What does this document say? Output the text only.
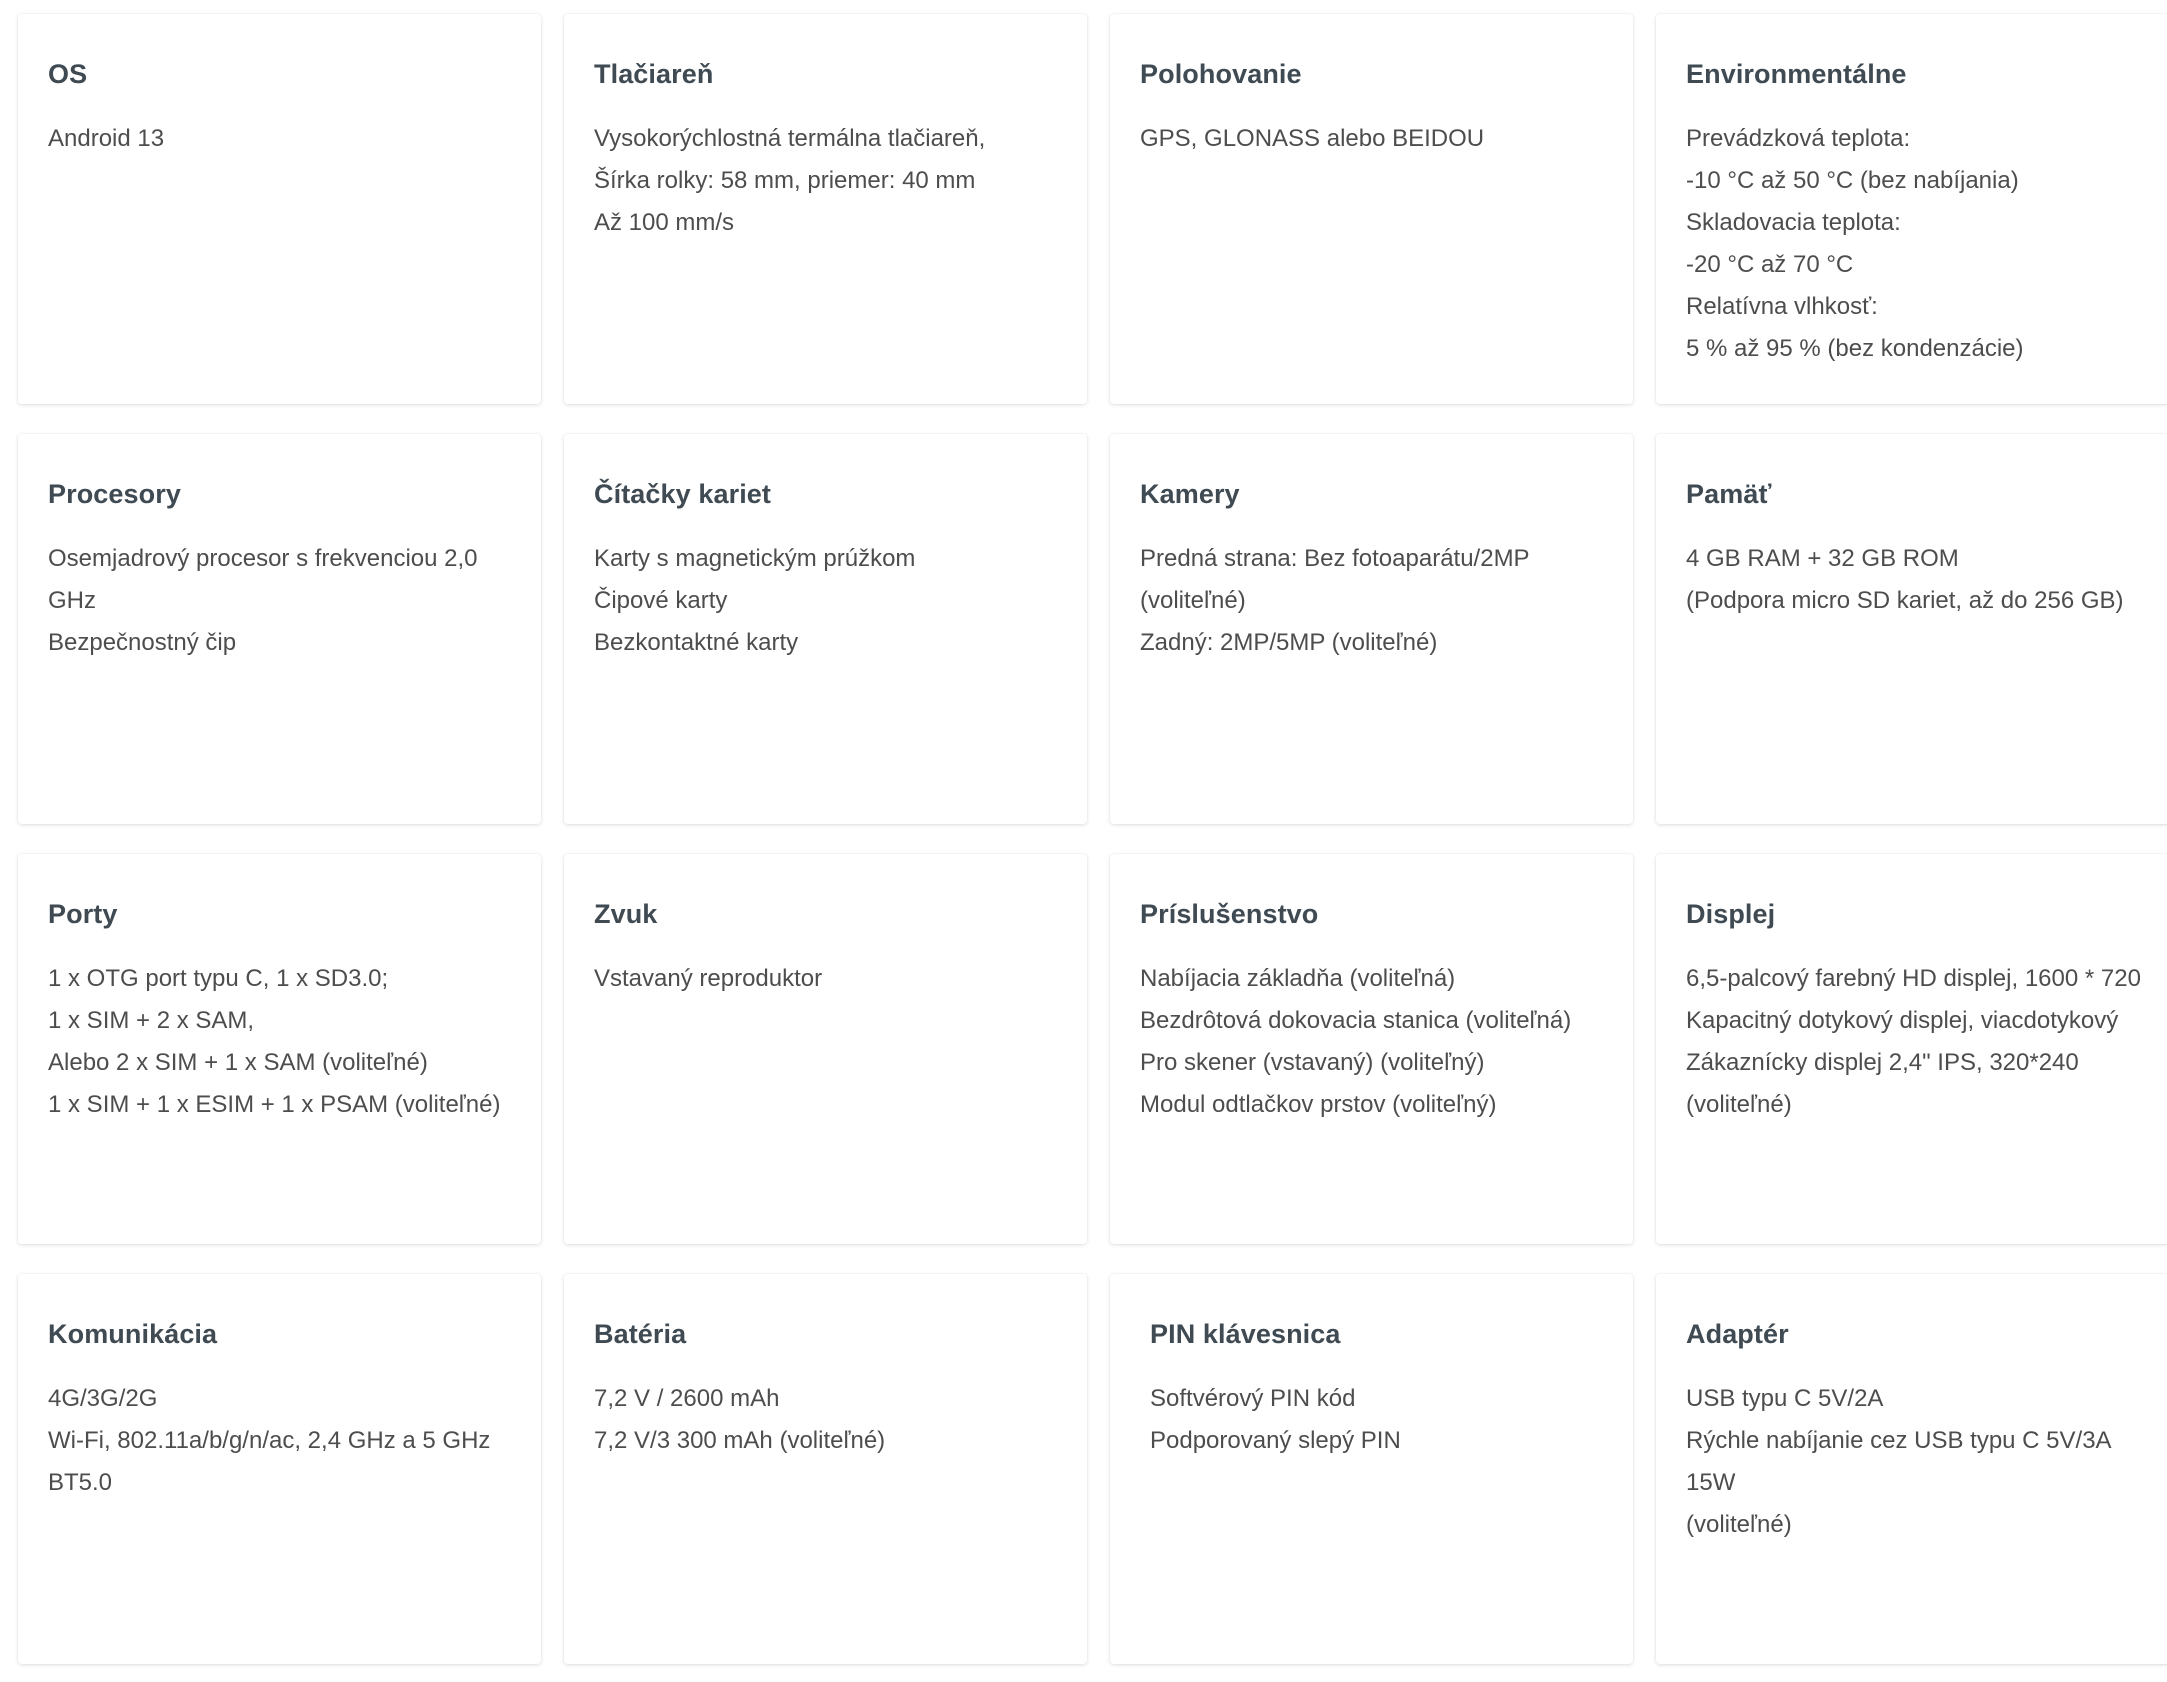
OS
Android 13
Tlačiareň
Vysokorýchlostná termálna tlačiareň,
Šírka rolky: 58 mm, priemer: 40 mm
Až 100 mm/s
Polohovanie
GPS, GLONASS alebo BEIDOU
Environmentálne
Prevádzková teplota:
-10 °C až 50 °C (bez nabíjania)
Skladovacia teplota:
-20 °C až 70 °C
Relatívna vlhkosť:
5 % až 95 % (bez kondenzácie)
Procesory
Osemjadrový procesor s frekvenciou 2,0
GHz
Bezpečnostný čip
Čítačky kariet
Karty s magnetickým prúžkom
Čipové karty
Bezkontaktné karty
Kamery
Predná strana: Bez fotoaparátu/2MP
(voliteľné)
Zadný: 2MP/5MP (voliteľné)
Pamäť
4 GB RAM + 32 GB ROM
(Podpora micro SD kariet, až do 256 GB)
Porty
1 x OTG port typu C, 1 x SD3.0;
1 x SIM + 2 x SAM,
Alebo 2 x SIM + 1 x SAM (voliteľné)
1 x SIM + 1 x ESIM + 1 x PSAM (voliteľné)
Zvuk
Vstavaný reproduktor
Príslušenstvo
Nabíjacia základňa (voliteľná)
Bezdrôtová dokovacia stanica (voliteľná)
Pro skener (vstavaný) (voliteľný)
Modul odtlačkov prstov (voliteľný)
Displej
6,5-palcový farebný HD displej, 1600 * 720
Kapacitný dotykový displej, viacdotykový
Zákaznícky displej 2,4" IPS, 320*240
(voliteľné)
Komunikácia
4G/3G/2G
Wi-Fi, 802.11a/b/g/n/ac, 2,4 GHz a 5 GHz
BT5.0
Batéria
7,2 V / 2600 mAh
7,2 V/3 300 mAh (voliteľné)
PIN klávesnica
Softvérový PIN kód
Podporovaný slepý PIN
Adaptér
USB typu C 5V/2A
Rýchle nabíjanie cez USB typu C 5V/3A 15W
(voliteľné)
